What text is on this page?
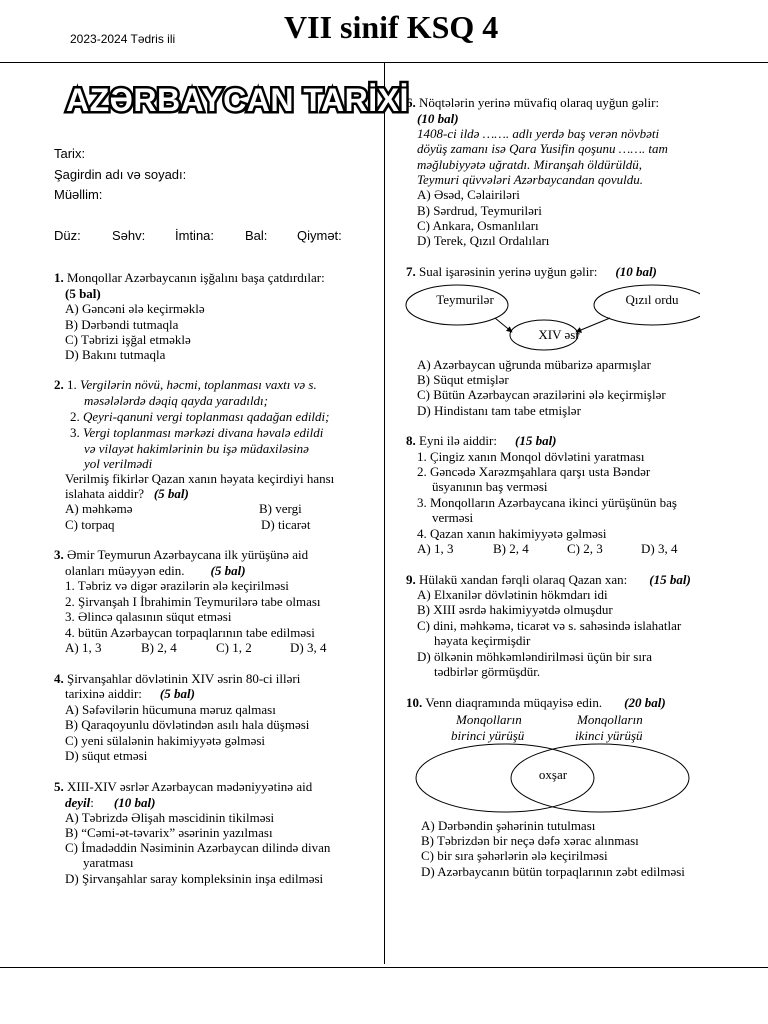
2023-2024 Tədris ili	VII sinif KSQ 4
AZƏRBAYCAN TARİXİ
Tarix:
Şagirdin adı və soyadı:
Müəllim:
Düz: Səhv: İmtina: Bal: Qiymət:
1. Monqollar Azərbaycanın işğalını başa çatdırdılar:
(5 bal)
A) Gəncəni ələ keçirməklə
B) Dərbəndi tutmaqla
C) Təbrizi işğal etməklə
D) Bakını tutmaqla
2. 1. Vergilərin növü, həcmi, toplanması vaxtı və s.
məsələlərdə dəqiq qayda yaradıldı;
2. Qeyri-qanuni vergi toplanması qadağan edildi;
3. Vergi toplanması mərkəzi divana həvalə edildi
və vilayət hakimlərinin bu işə müdaxiləsinə
yol verilmədi
Verilmiş fikirlər Qazan xanın həyata keçirdiyi hansı
islahata aiddir? (5 bal)
A) məhkəmə	B) vergi
C) torpaq	D) ticarət
3. Əmir Teymurun Azərbaycana ilk yürüşünə aid
olanları müəyyən edin. (5 bal)
1. Təbriz və digər ərazilərin ələ keçirilməsi
2. Şirvanşah I İbrahimin Teymurilərə tabe olması
3. Əlincə qalasının süqut etməsi
4. bütün Azərbaycan torpaqlarının tabe edilməsi
A) 1, 3	B) 2, 4	C) 1, 2	D) 3, 4
4. Şirvanşahlar dövlətinin XIV əsrin 80-ci illəri
tarixinə aiddir: (5 bal)
A) Səfəvilərin hücumuna məruz qalması
B) Qaraqoyunlu dövlətindən asılı hala düşməsi
C) yeni sülalənin hakimiyyətə gəlməsi
D) süqut etməsi
5. XIII-XIV əsrlər Azərbaycan mədəniyyətinə aid
deyil: (10 bal)
A) Təbrizdə Əlişah məscidinin tikilməsi
B) “Cəmi-ət-təvarix” əsərinin yazılması
C) İmadəddin Nəsiminin Azərbaycan dilində divan
yaratması
D) Şirvanşahlar saray kompleksinin inşa edilməsi
6. Nöqtələrin yerinə müvafiq olaraq uyğun gəlir:
(10 bal)
1408-ci ildə ……. adlı yerdə baş verən növbəti
döyüş zamanı isə Qara Yusifin qoşunu ……. tam
məğlubiyyətə uğratdı. Miranşah öldürüldü,
Teymuri qüvvələri Azərbaycandan qovuldu.
A) Əsəd, Cəlairiləri
B) Sərdrud, Teymuriləri
C) Ankara, Osmanlıları
D) Terek, Qızıl Ordalıları
7. Sual işarəsinin yerinə uyğun gəlir: (10 bal)
Teymurilər	Qızıl ordu
XIV əsr
A) Azərbaycan uğrunda mübarizə aparmışlar
B) Süqut etmişlər
C) Bütün Azərbaycan ərazilərini ələ keçirmişlər
D) Hindistanı tam tabe etmişlər
8. Eyni ilə aiddir: (15 bal)
1. Çingiz xanın Monqol dövlətini yaratması
2. Gəncədə Xarəzmşahlara qarşı usta Bəndər
üsyanının baş verməsi
3. Monqolların Azərbaycana ikinci yürüşünün baş
verməsi
4. Qazan xanın hakimiyyətə gəlməsi
A) 1, 3	B) 2, 4	C) 2, 3	D) 3, 4
9. Hülakü xandan fərqli olaraq Qazan xan: (15 bal)
A) Elxanilər dövlətinin hökmdarı idi
B) XIII əsrdə hakimiyyətdə olmuşdur
C) dini, məhkəmə, ticarət və s. sahəsində islahatlar
həyata keçirmişdir
D) ölkənin möhkəmləndirilməsi üçün bir sıra
tədbirlər görmüşdür.
10. Venn diaqramında müqayisə edin. (20 bal)
Monqolların
birinci yürüşü
Monqolların
ikinci yürüşü
oxşar
A) Dərbəndin şəhərinin tutulması
B) Təbrizdən bir neçə dəfə xərac alınması
C) bir sıra şəhərlərin ələ keçirilməsi
D) Azərbaycanın bütün torpaqlarının zəbt edilməsi
